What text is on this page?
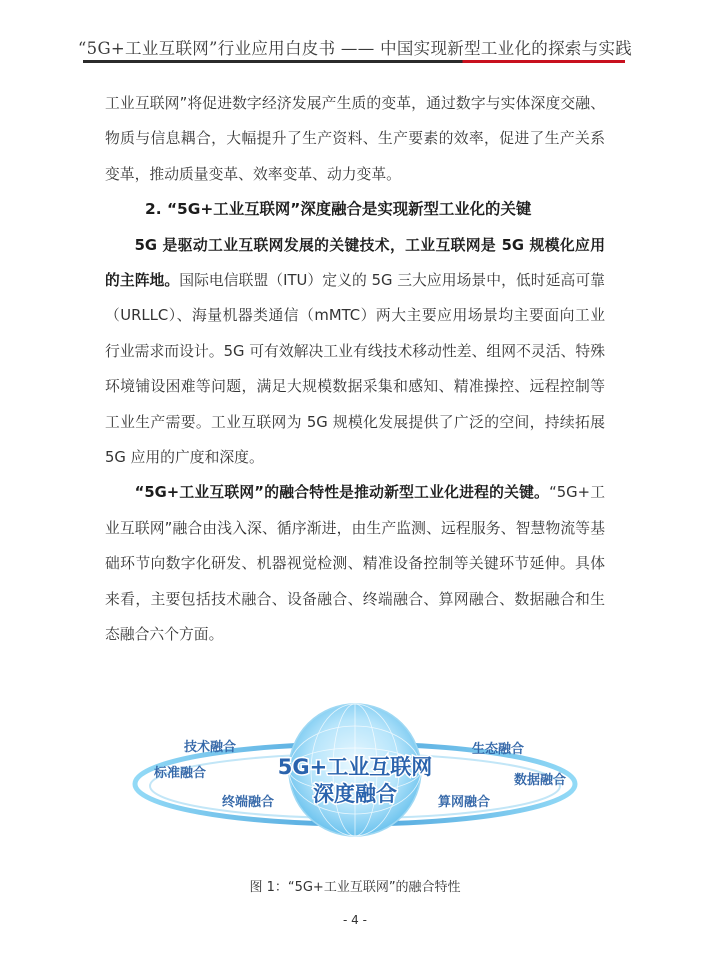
“5G+工业互联网”行业应用白皮书 —— 中国实现新型工业化的探索与实践

工业互联网”将促进数字经济发展产生质的变革，通过数字与实体深度交融、物质与信息耦合，大幅提升了生产资料、生产要素的效率，促进了生产关系变革，推动质量变革、效率变革、动力变革。

2. “5G+工业互联网”深度融合是实现新型工业化的关键

5G 是驱动工业互联网发展的关键技术，工业互联网是 5G 规模化应用的主阵地。国际电信联盟（ITU）定义的 5G 三大应用场景中，低时延高可靠（URLLC）、海量机器类通信（mMTC）两大主要应用场景均主要面向工业行业需求而设计。5G 可有效解决工业有线技术移动性差、组网不灵活、特殊环境铺设困难等问题，满足大规模数据采集和感知、精准操控、远程控制等工业生产需要。工业互联网为 5G 规模化发展提供了广泛的空间，持续拓展 5G 应用的广度和深度。

“5G+工业互联网”的融合特性是推动新型工业化进程的关键。“5G+工业互联网”融合由浅入深、循序渐进，由生产监测、远程服务、智慧物流等基础环节向数字化研发、机器视觉检测、精准设备控制等关键环节延伸。具体来看，主要包括技术融合、设备融合、终端融合、算网融合、数据融合和生态融合六个方面。

5G+工业互联网
深度融合
技术融合
标准融合
终端融合
生态融合
数据融合
算网融合
图 1：“5G+工业互联网”的融合特性
- 4 -
